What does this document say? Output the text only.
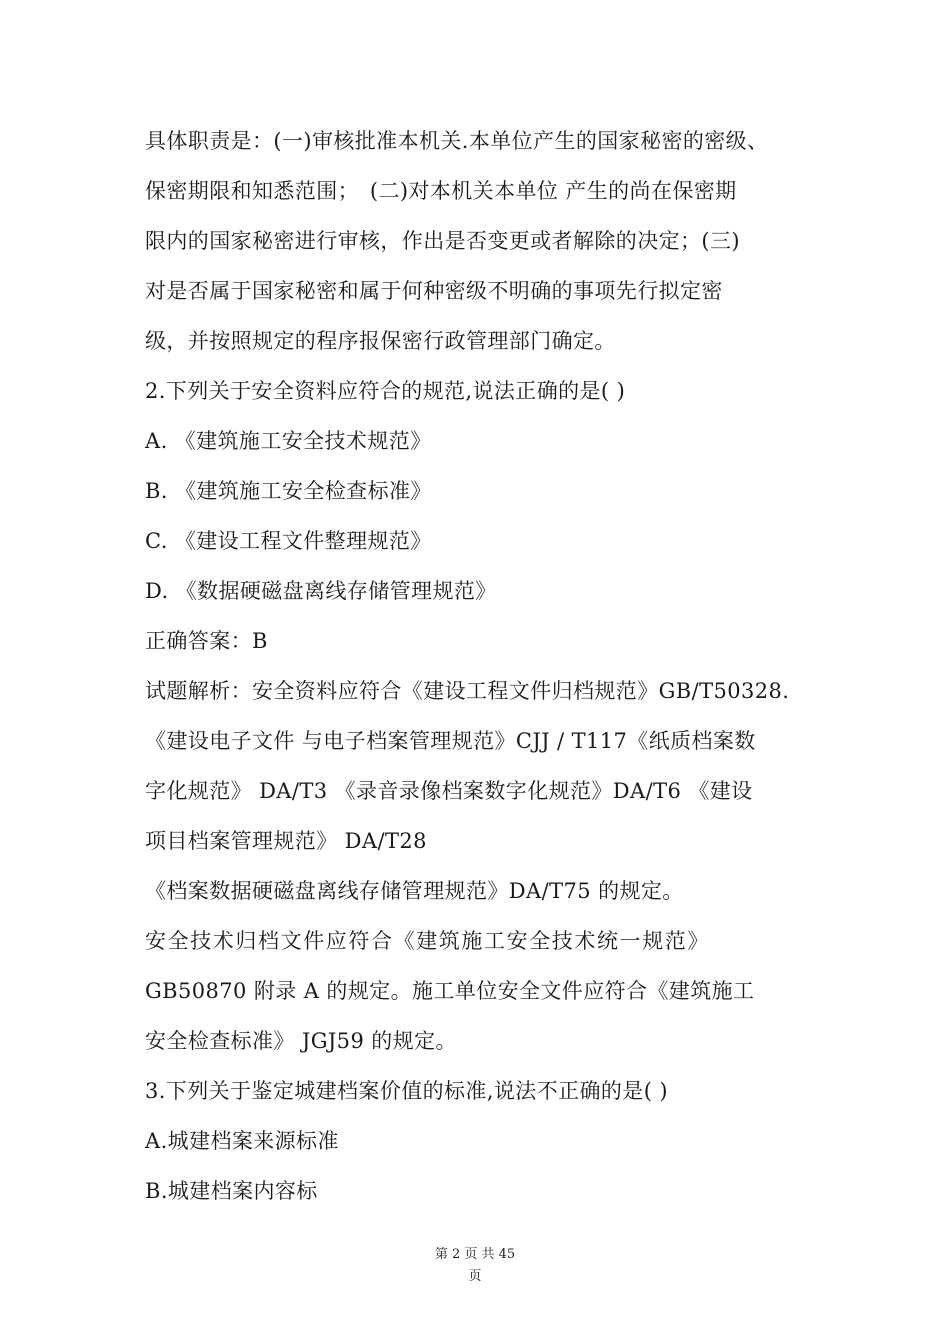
具体职责是：(一)审核批准本机关.本单位产生的国家秘密的密级、
保密期限和知悉范围；　(二)对本机关本单位 产生的尚在保密期
限内的国家秘密进行审核，作出是否变更或者解除的决定；(三)
对是否属于国家秘密和属于何种密级不明确的事项先行拟定密
级，并按照规定的程序报保密行政管理部门确定。
2.下列关于安全资料应符合的规范,说法正确的是( )
A. 《建筑施工安全技术规范》
B. 《建筑施工安全检查标准》
C. 《建设工程文件整理规范》
D. 《数据硬磁盘离线存储管理规范》
正确答案：B
试题解析：安全资料应符合《建设工程文件归档规范》GB/T50328.
《建设电子文件 与电子档案管理规范》CJJ / T117《纸质档案数
字化规范》 DA/T3 《录音录像档案数字化规范》DA/T6 《建设
项目档案管理规范》 DA/T28
《档案数据硬磁盘离线存储管理规范》DA/T75 的规定。
安全技术归档文件应符合《建筑施工安全技术统一规范》
GB50870 附录 A 的规定。施工单位安全文件应符合《建筑施工
安全检查标准》 JGJ59 的规定。
3.下列关于鉴定城建档案价值的标准,说法不正确的是( )
A.城建档案来源标准
B.城建档案内容标
第 2 页 共 45
页
